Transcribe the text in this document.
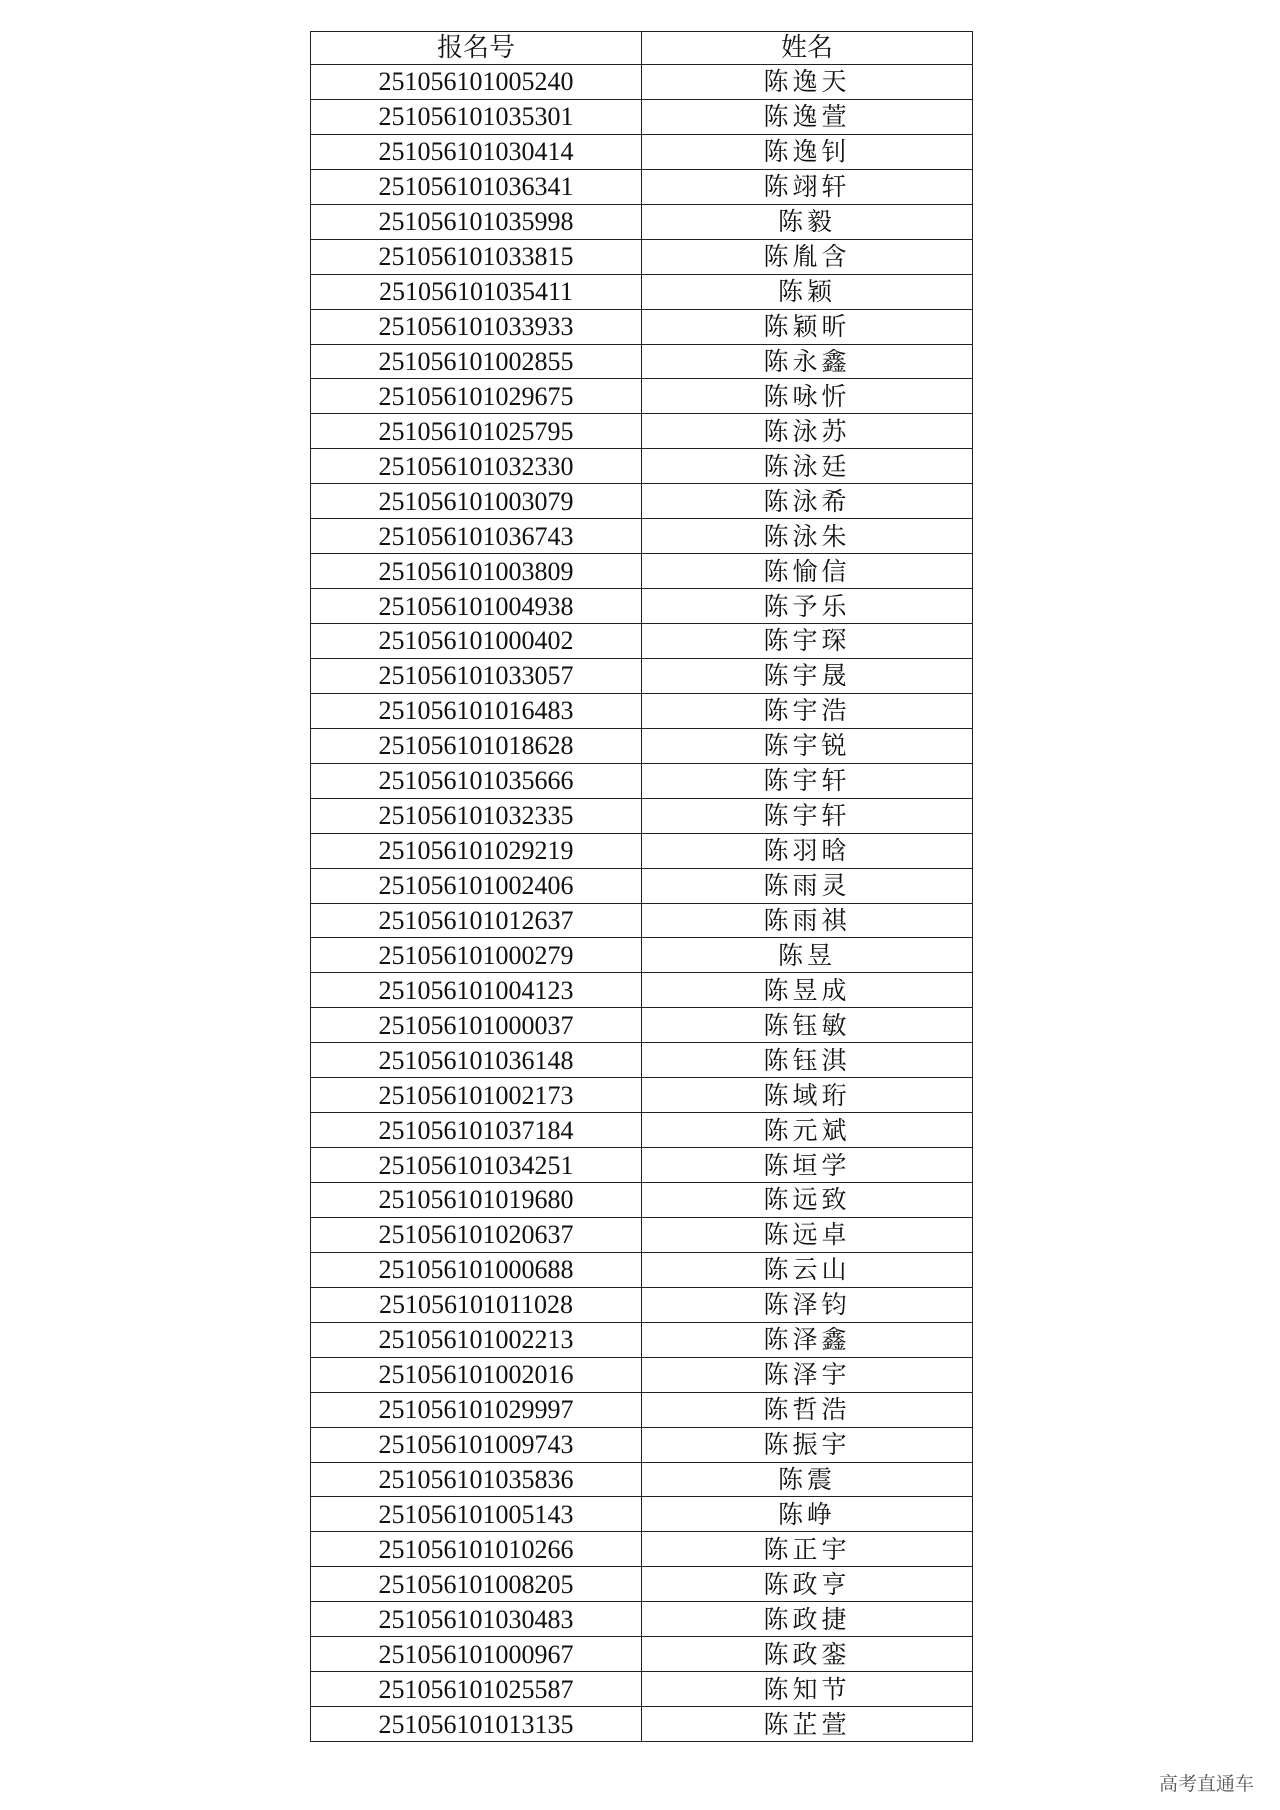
报名号	姓名
251056101005240	陈逸天
251056101035301	陈逸萱
251056101030414	陈逸钊
251056101036341	陈翊轩
251056101035998	陈毅
251056101033815	陈胤含
251056101035411	陈颖
251056101033933	陈颖昕
251056101002855	陈永鑫
251056101029675	陈咏忻
251056101025795	陈泳苏
251056101032330	陈泳廷
251056101003079	陈泳希
251056101036743	陈泳朱
251056101003809	陈愉信
251056101004938	陈予乐
251056101000402	陈宇琛
251056101033057	陈宇晟
251056101016483	陈宇浩
251056101018628	陈宇锐
251056101035666	陈宇轩
251056101032335	陈宇轩
251056101029219	陈羽晗
251056101002406	陈雨灵
251056101012637	陈雨祺
251056101000279	陈昱
251056101004123	陈昱成
251056101000037	陈钰敏
251056101036148	陈钰淇
251056101002173	陈域珩
251056101037184	陈元斌
251056101034251	陈垣学
251056101019680	陈远致
251056101020637	陈远卓
251056101000688	陈云山
251056101011028	陈泽钧
251056101002213	陈泽鑫
251056101002016	陈泽宇
251056101029997	陈哲浩
251056101009743	陈振宇
251056101035836	陈震
251056101005143	陈峥
251056101010266	陈正宇
251056101008205	陈政亨
251056101030483	陈政捷
251056101000967	陈政銮
251056101025587	陈知节
251056101013135	陈芷萱
高考直通车
